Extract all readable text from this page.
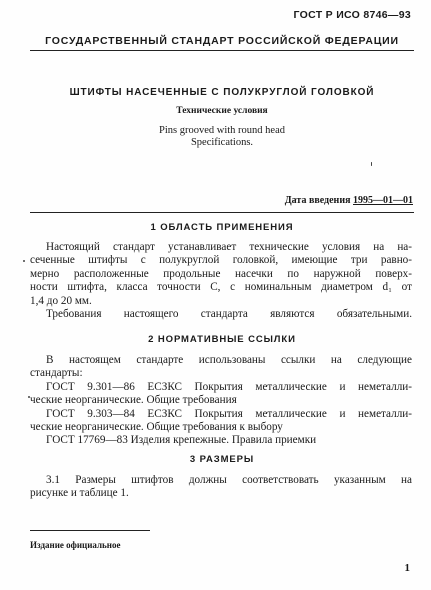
ГОСТ Р ИСО 8746—93
ГОСУДАРСТВЕННЫЙ СТАНДАРТ РОССИЙСКОЙ ФЕДЕРАЦИИ
ШТИФТЫ НАСЕЧЕННЫЕ С ПОЛУКРУГЛОЙ ГОЛОВКОЙ
Технические условия
Pins grooved with round head
Specifications.
Дата введения 1995—01—01
1 ОБЛАСТЬ ПРИМЕНЕНИЯ
Настоящий стандарт устанавливает технические условия на на-
сеченные штифты с полукруглой головкой, имеющие три равно-
мерно расположенные продольные насечки по наружной поверх-
ности штифта, класса точности С, с номинальным диаметром d₁ от
1,4 до 20 мм.
Требования настоящего стандарта являются обязательными.
2 НОРМАТИВНЫЕ ССЫЛКИ
В настоящем стандарте использованы ссылки на следующие
стандарты:
ГОСТ 9.301—86 ЕСЗКС Покрытия металлические и неметалли-
ческие неорганические. Общие требования
ГОСТ 9.303—84 ЕСЗКС Покрытия металлические и неметалли-
ческие неорганические. Общие требования к выбору
ГОСТ 17769—83 Изделия крепежные. Правила приемки
3 РАЗМЕРЫ
3.1 Размеры штифтов должны соответствовать указанным на
рисунке и таблице 1.
Издание официальное
1
